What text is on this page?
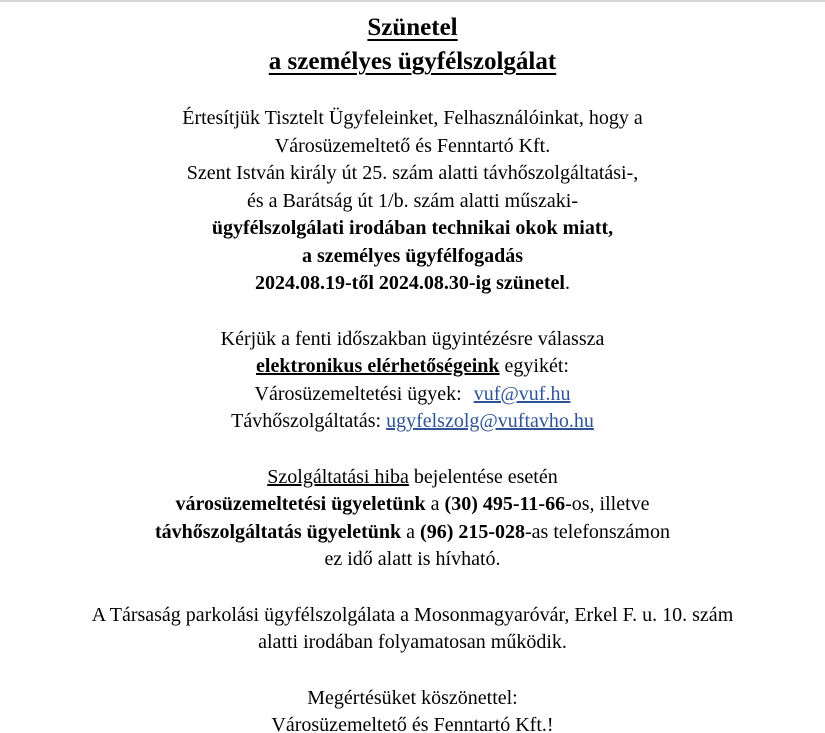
Szünetel
a személyes ügyfélszolgálat

Értesítjük Tisztelt Ügyfeleinket, Felhasználóinkat, hogy a
Városüzemeltető és Fenntartó Kft.
Szent István király út 25. szám alatti távhőszolgáltatási-,
és a Barátság út 1/b. szám alatti műszaki-
ügyfélszolgálati irodában technikai okok miatt,
a személyes ügyfélfogadás
2024.08.19-től 2024.08.30-ig szünetel.

Kérjük a fenti időszakban ügyintézésre válassza
elektronikus elérhetőségeink egyikét:
Városüzemeltetési ügyek: vuf@vuf.hu
Távhőszolgáltatás: ugyfelszolg@vuftavho.hu

Szolgáltatási hiba bejelentése esetén
városüzemeltetési ügyeletünk a (30) 495-11-66-os, illetve
távhőszolgáltatás ügyeletünk a (96) 215-028-as telefonszámon
ez idő alatt is hívható.

A Társaság parkolási ügyfélszolgálata a Mosonmagyaróvár, Erkel F. u. 10. szám
alatti irodában folyamatosan működik.

Megértésüket köszönettel:
Városüzemeltető és Fenntartó Kft.!
